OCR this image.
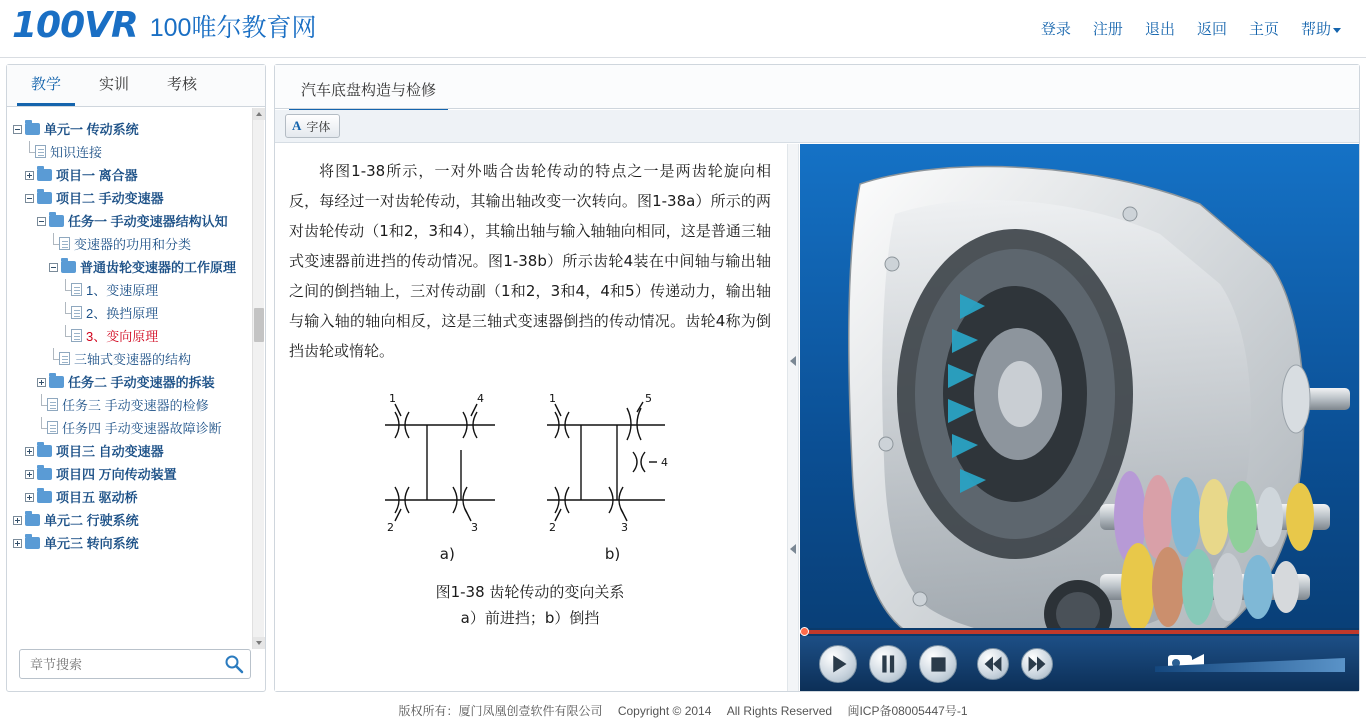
100VR 100唯尔教育网	登录	注册	退出	返回	主页	帮助
教学	实训	考核
单元一 传动系统
知识连接
项目一 离合器
项目二 手动变速器
任务一 手动变速器结构认知
变速器的功用和分类
普通齿轮变速器的工作原理
1、变速原理
2、换挡原理
3、变向原理
三轴式变速器的结构
任务二 手动变速器的拆装
任务三 手动变速器的检修
任务四 手动变速器故障诊断
项目三 自动变速器
项目四 万向传动装置
项目五 驱动桥
单元二 行驶系统
单元三 转向系统
章节搜索
汽车底盘构造与检修
A 字体
将图1-38所示，一对外啮合齿轮传动的特点之一是两齿轮旋向相反，每经过一对齿轮传动，其输出轴改变一次转向。图1-38a）所示的两对齿轮传动（1和2，3和4），其输出轴与输入轴轴向相同，这是普通三轴式变速器前进挡的传动情况。图1-38b）所示齿轮4装在中间轴与输出轴之间的倒挡轴上，三对传动副（1和2，3和4，4和5）传递动力，输出轴与输入轴的轴向相反，这是三轴式变速器倒挡的传动情况。齿轮4称为倒挡齿轮或惰轮。
1	4
2	3
1	5
4
2	3
a)	b)
图1-38 齿轮传动的变向关系
a）前进挡；b）倒挡
版权所有：厦门凤凰创壹软件有限公司 Copyright © 2014 All Rights Reserved 闽ICP备08005447号-1
